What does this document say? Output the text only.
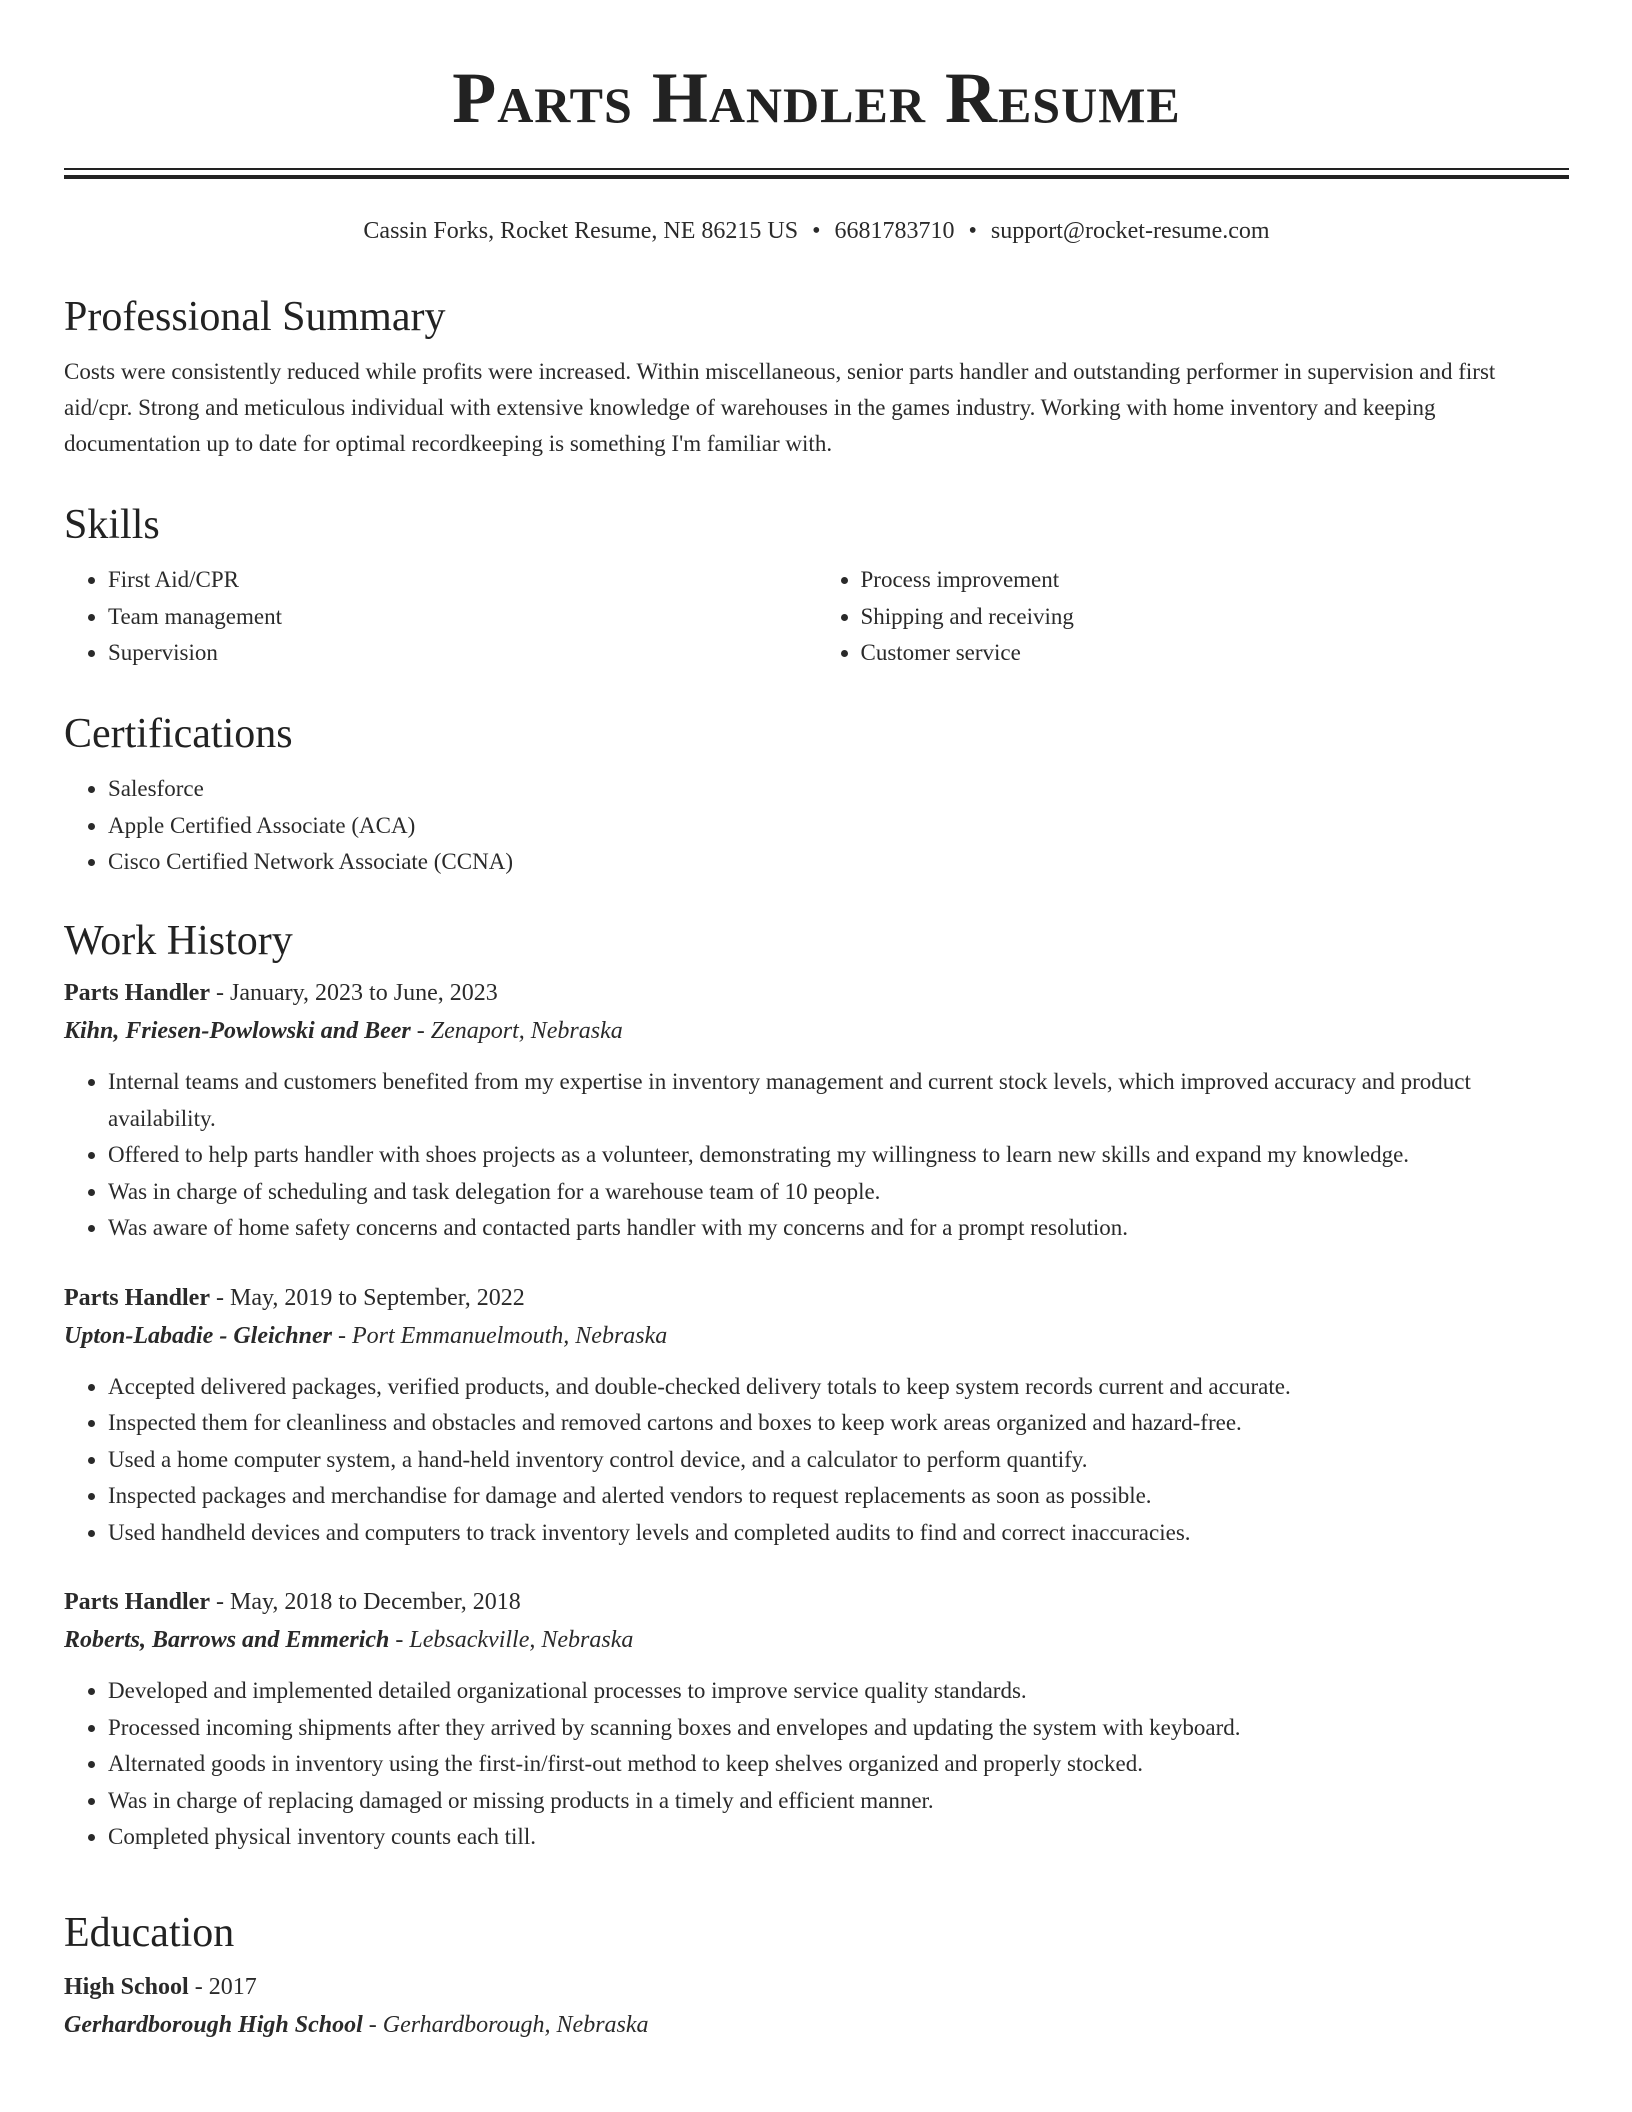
Parts Handler Resume
Cassin Forks, Rocket Resume, NE 86215 US • 6681783710 • support@rocket-resume.com
Professional Summary

Costs were consistently reduced while profits were increased. Within miscellaneous, senior parts handler and outstanding performer in supervision and first aid/cpr. Strong and meticulous individual with extensive knowledge of warehouses in the games industry. Working with home inventory and keeping documentation up to date for optimal recordkeeping is something I'm familiar with.

Skills
• First Aid/CPR
• Team management
• Supervision
• Process improvement
• Shipping and receiving
• Customer service
Certifications
• Salesforce
• Apple Certified Associate (ACA)
• Cisco Certified Network Associate (CCNA)
Work History
Parts Handler - January, 2023 to June, 2023
Kihn, Friesen-Powlowski and Beer - Zenaport, Nebraska
• Internal teams and customers benefited from my expertise in inventory management and current stock levels, which improved accuracy and product availability.
• Offered to help parts handler with shoes projects as a volunteer, demonstrating my willingness to learn new skills and expand my knowledge.
• Was in charge of scheduling and task delegation for a warehouse team of 10 people.
• Was aware of home safety concerns and contacted parts handler with my concerns and for a prompt resolution.
Parts Handler - May, 2019 to September, 2022
Upton-Labadie - Gleichner - Port Emmanuelmouth, Nebraska
• Accepted delivered packages, verified products, and double-checked delivery totals to keep system records current and accurate.
• Inspected them for cleanliness and obstacles and removed cartons and boxes to keep work areas organized and hazard-free.
• Used a home computer system, a hand-held inventory control device, and a calculator to perform quantify.
• Inspected packages and merchandise for damage and alerted vendors to request replacements as soon as possible.
• Used handheld devices and computers to track inventory levels and completed audits to find and correct inaccuracies.
Parts Handler - May, 2018 to December, 2018
Roberts, Barrows and Emmerich - Lebsackville, Nebraska
• Developed and implemented detailed organizational processes to improve service quality standards.
• Processed incoming shipments after they arrived by scanning boxes and envelopes and updating the system with keyboard.
• Alternated goods in inventory using the first-in/first-out method to keep shelves organized and properly stocked.
• Was in charge of replacing damaged or missing products in a timely and efficient manner.
• Completed physical inventory counts each till.
Education
High School - 2017
Gerhardborough High School - Gerhardborough, Nebraska
